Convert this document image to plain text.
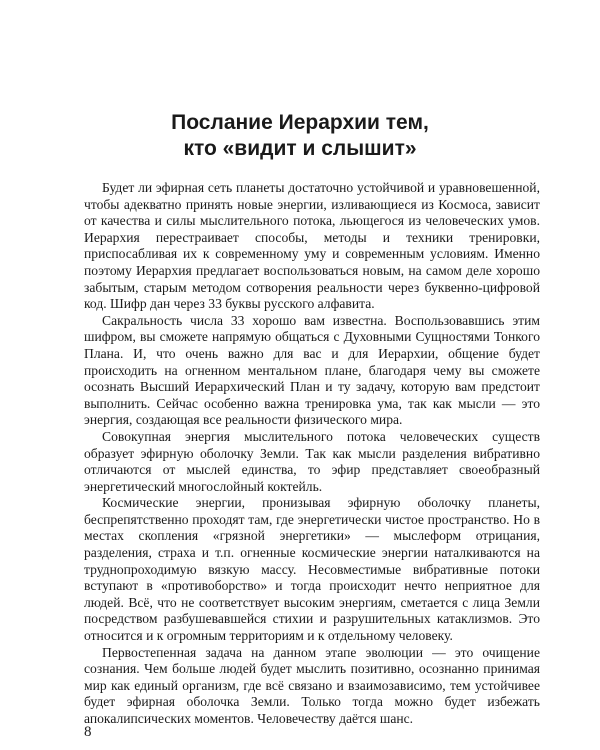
Послание Иерархии тем,
кто «видит и слышит»

Будет ли эфирная сеть планеты достаточно устойчивой и уравновешенной, чтобы адекватно принять новые энергии, изливающиеся из Космоса, зависит от качества и силы мыслительного потока, льющегося из человеческих умов. Иерархия перестраивает способы, методы и техники тренировки, приспосабливая их к современному уму и современным условиям. Именно поэтому Иерархия предлагает воспользоваться новым, на самом деле хорошо забытым, старым методом сотворения реальности через буквенно-цифровой код. Шифр дан через 33 буквы русского алфавита.

Сакральность числа 33 хорошо вам известна. Воспользовавшись этим шифром, вы сможете напрямую общаться с Духовными Сущностями Тонкого Плана. И, что очень важно для вас и для Иерархии, общение будет происходить на огненном ментальном плане, благодаря чему вы сможете осознать Высший Иерархический План и ту задачу, которую вам предстоит выполнить. Сейчас особенно важна тренировка ума, так как мысли — это энергия, создающая все реальности физического мира.

Совокупная энергия мыслительного потока человеческих существ образует эфирную оболочку Земли. Так как мысли разделения вибративно отличаются от мыслей единства, то эфир представляет своеобразный энергетический многослойный коктейль.

Космические энергии, пронизывая эфирную оболочку планеты, беспрепятственно проходят там, где энергетически чистое пространство. Но в местах скопления «грязной энергетики» — мыслеформ отрицания, разделения, страха и т.п. огненные космические энергии наталкиваются на труднопроходимую вязкую массу. Несовместимые вибративные потоки вступают в «противоборство» и тогда происходит нечто неприятное для людей. Всё, что не соответствует высоким энергиям, сметается с лица Земли посредством разбушевавшейся стихии и разрушительных катаклизмов. Это относится и к огромным территориям и к отдельному человеку.

Первостепенная задача на данном этапе эволюции — это очищение сознания. Чем больше людей будет мыслить позитивно, осознанно принимая мир как единый организм, где всё связано и взаимозависимо, тем устойчивее будет эфирная оболочка Земли. Только тогда можно будет избежать апокалипсических моментов. Человечеству даётся шанс.

8
